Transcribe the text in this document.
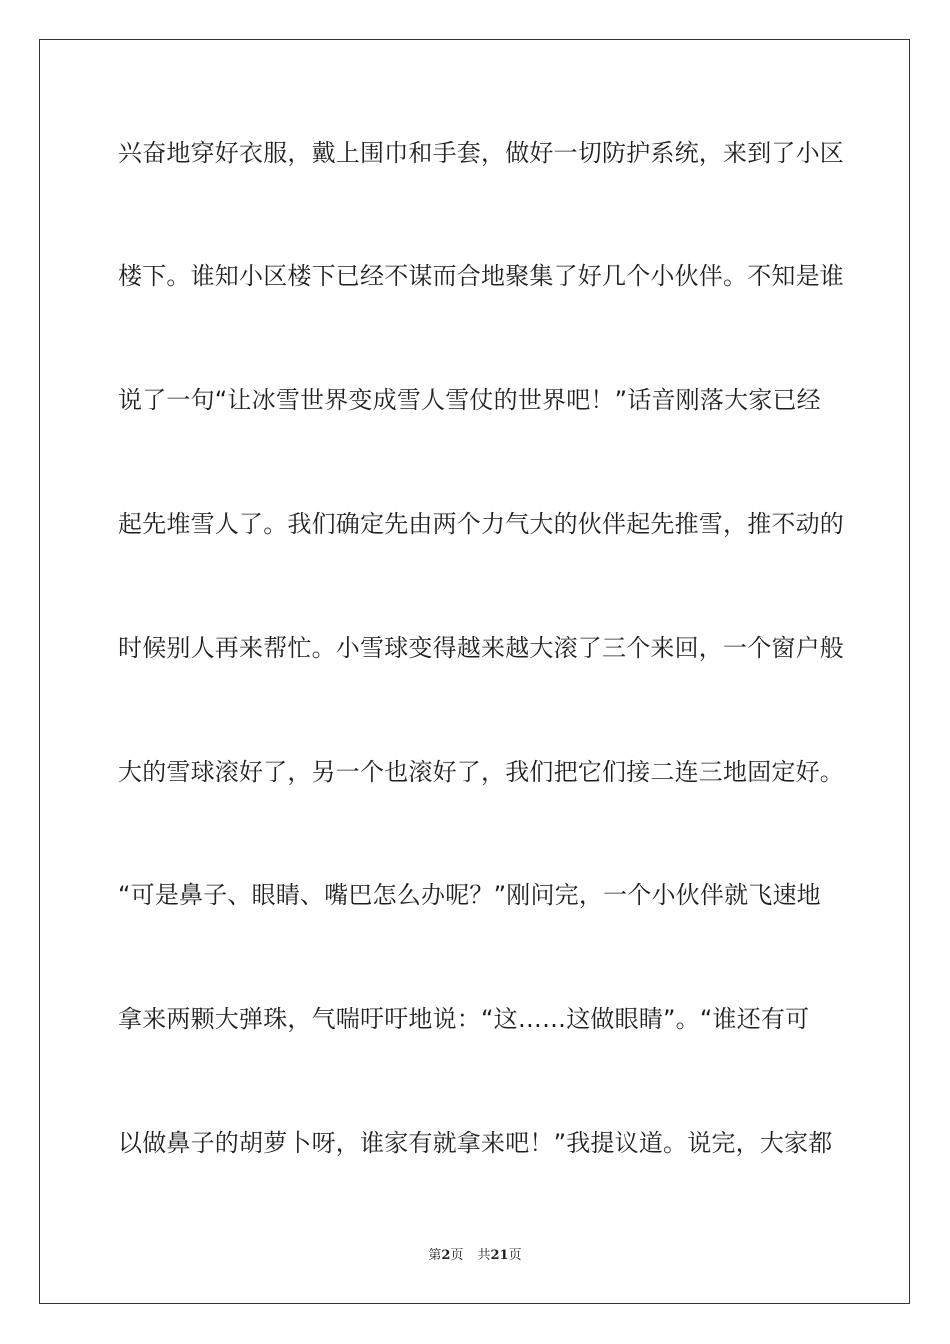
兴奋地穿好衣服，戴上围巾和手套，做好一切防护系统，来到了小区
楼下。谁知小区楼下已经不谋而合地聚集了好几个小伙伴。不知是谁
说了一句“让冰雪世界变成雪人雪仗的世界吧！”话音刚落大家已经
起先堆雪人了。我们确定先由两个力气大的伙伴起先推雪，推不动的
时候别人再来帮忙。小雪球变得越来越大滚了三个来回，一个窗户般
大的雪球滚好了，另一个也滚好了，我们把它们接二连三地固定好。
“可是鼻子、眼睛、嘴巴怎么办呢？”刚问完，一个小伙伴就飞速地
拿来两颗大弹珠，气喘吁吁地说：“这……这做眼睛”。“谁还有可
以做鼻子的胡萝卜呀，谁家有就拿来吧！”我提议道。说完，大家都
第2页 共21页
